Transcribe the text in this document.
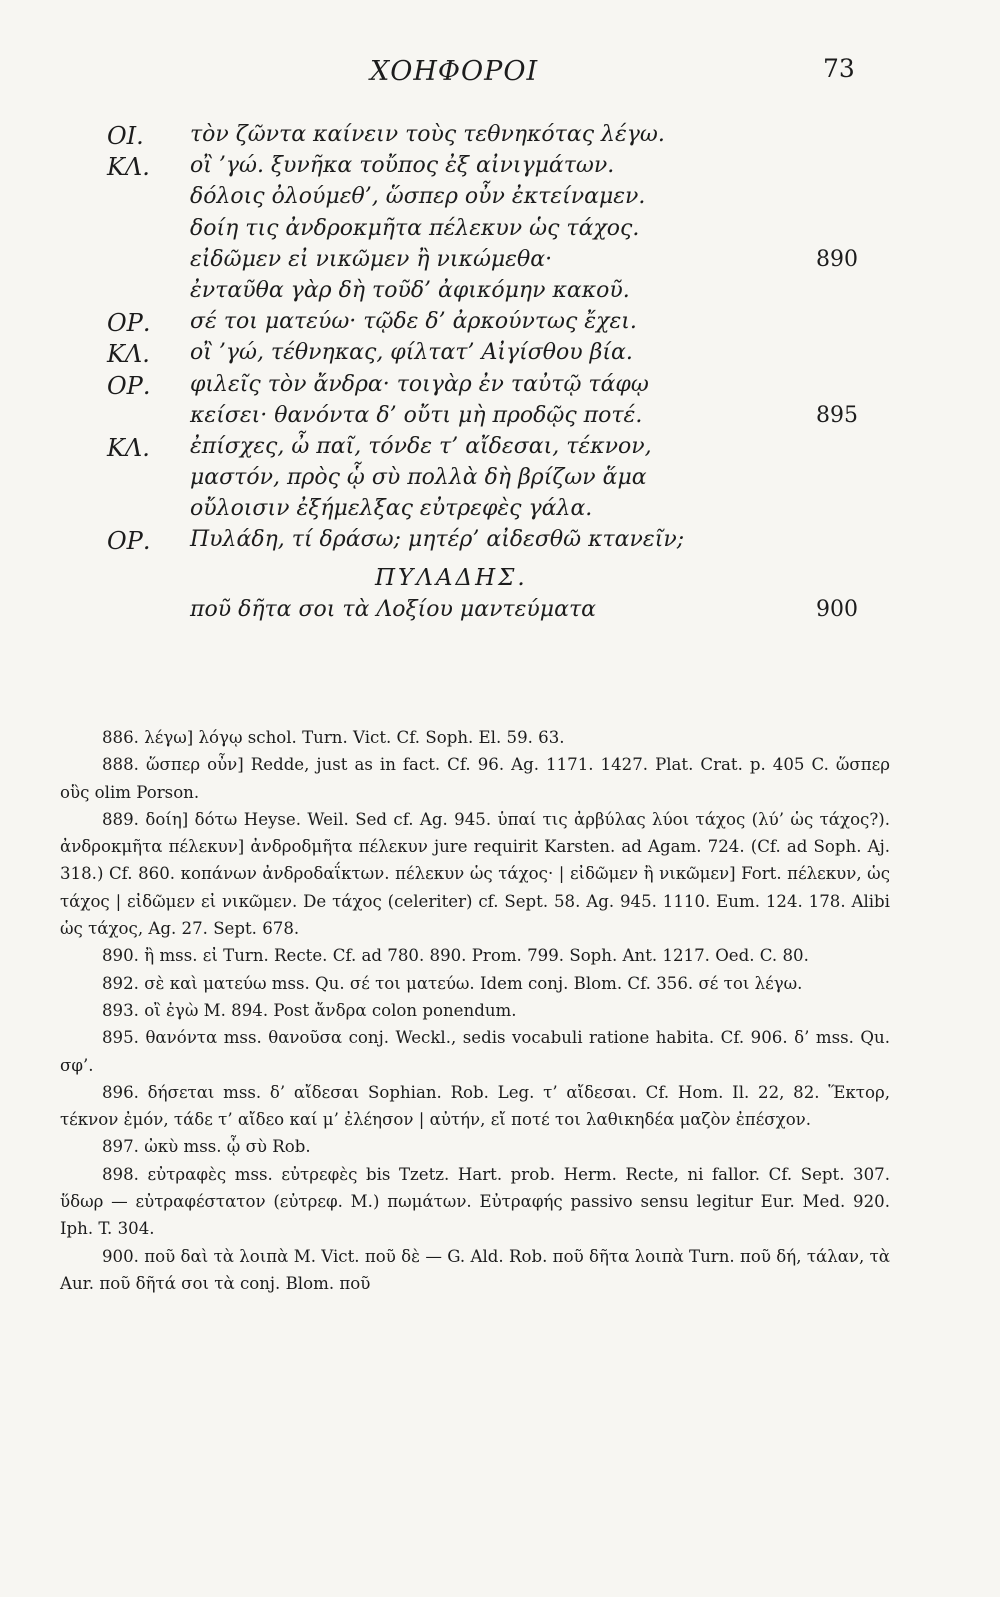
ΧΟΗΦΟΡΟΙ	73
ΟΙ. τὸν ζῶντα καίνειν τοὺς τεθνηκότας λέγω.
ΚΛ. οἲ ’γώ. ξυνῆκα τοὔπος ἐξ αἰνιγμάτων.
δόλοις ὀλούμεθ’, ὥσπερ οὖν ἐκτείναμεν.
δοίη τις ἀνδροκμῆτα πέλεκυν ὡς τάχος.
εἰδῶμεν εἰ νικῶμεν ἢ νικώμεθα·	890
ἐνταῦθα γὰρ δὴ τοῦδ’ ἀφικόμην κακοῦ.
ΟΡ. σέ τοι ματεύω· τῷδε δ’ ἀρκούντως ἔχει.
ΚΛ. οἲ ’γώ, τέθνηκας, φίλτατ’ Αἰγίσθου βία.
ΟΡ. φιλεῖς τὸν ἄνδρα· τοιγὰρ ἐν ταὐτῷ τάφῳ
κείσει· θανόντα δ’ οὔτι μὴ προδῷς ποτέ.	895
ΚΛ. ἐπίσχες, ὦ παῖ, τόνδε τ’ αἴδεσαι, τέκνον,
μαστόν, πρὸς ᾧ σὺ πολλὰ δὴ βρίζων ἅμα
οὔλοισιν ἐξήμελξας εὐτρεφὲς γάλα.
ΟΡ. Πυλάδη, τί δράσω; μητέρ’ αἰδεσθῶ κτανεῖν;
ΠΥΛΑΔΗΣ.
ποῦ δῆτα σοι τὰ Λοξίου μαντεύματα	900

886. λέγω] λόγῳ schol. Turn. Vict. Cf. Soph. El. 59. 63.

888. ὥσπερ οὖν] Redde, just as in fact. Cf. 96. Ag. 1171. 1427. Plat. Crat. p. 405 C. ὥσπερ οὓς olim Porson.

889. δοίη] δότω Heyse. Weil. Sed cf. Ag. 945. ὑπαί τις ἀρβύλας λύοι τάχος (λύ’ ὡς τάχος?). ἀνδροκμῆτα πέλεκυν] ἀνδροδμῆτα πέλεκυν jure requirit Karsten. ad Agam. 724. (Cf. ad Soph. Aj. 318.) Cf. 860. κοπάνων ἀνδροδαΐκτων. πέλεκυν ὡς τάχος· | εἰδῶμεν ἢ νικῶμεν] Fort. πέλεκυν, ὡς τάχος | εἰδῶμεν εἰ νικῶμεν. De τάχος (celeriter) cf. Sept. 58. Ag. 945. 1110. Eum. 124. 178. Alibi ὡς τάχος, Ag. 27. Sept. 678.

890. ἢ mss. εἰ Turn. Recte. Cf. ad 780. 890. Prom. 799. Soph. Ant. 1217. Oed. C. 80.

892. σὲ καὶ ματεύω mss. Qu. σέ τοι ματεύω. Idem conj. Blom. Cf. 356. σέ τοι λέγω.

893. οἲ ἐγὼ M. 894. Post ἄνδρα colon ponendum.

895. θανόντα mss. θανοῦσα conj. Weckl., sedis vocabuli ratione habita. Cf. 906. δ’ mss. Qu. σφ’.

896. δήσεται mss. δ’ αἴδεσαι Sophian. Rob. Leg. τ’ αἴδεσαι. Cf. Hom. Il. 22, 82. Ἕκτορ, τέκνον ἐμόν, τάδε τ’ αἴδεο καί μ’ ἐλέησον | αὐτήν, εἴ ποτέ τοι λαθικηδέα μαζὸν ἐπέσχον.

897. ὠκὺ mss. ᾧ σὺ Rob.

898. εὐτραφὲς mss. εὐτρεφὲς bis Tzetz. Hart. prob. Herm. Recte, ni fallor. Cf. Sept. 307. ὕδωρ — εὐτραφέστατον (εὐτρεφ. M.) πωμάτων. Εὐτραφής passivo sensu legitur Eur. Med. 920. Iph. T. 304.

900. ποῦ δαὶ τὰ λοιπὰ M. Vict. ποῦ δὲ — G. Ald. Rob. ποῦ δῆτα λοιπὰ Turn. ποῦ δή, τάλαν, τὰ Aur. ποῦ δῆτά σοι τὰ conj. Blom. ποῦ
